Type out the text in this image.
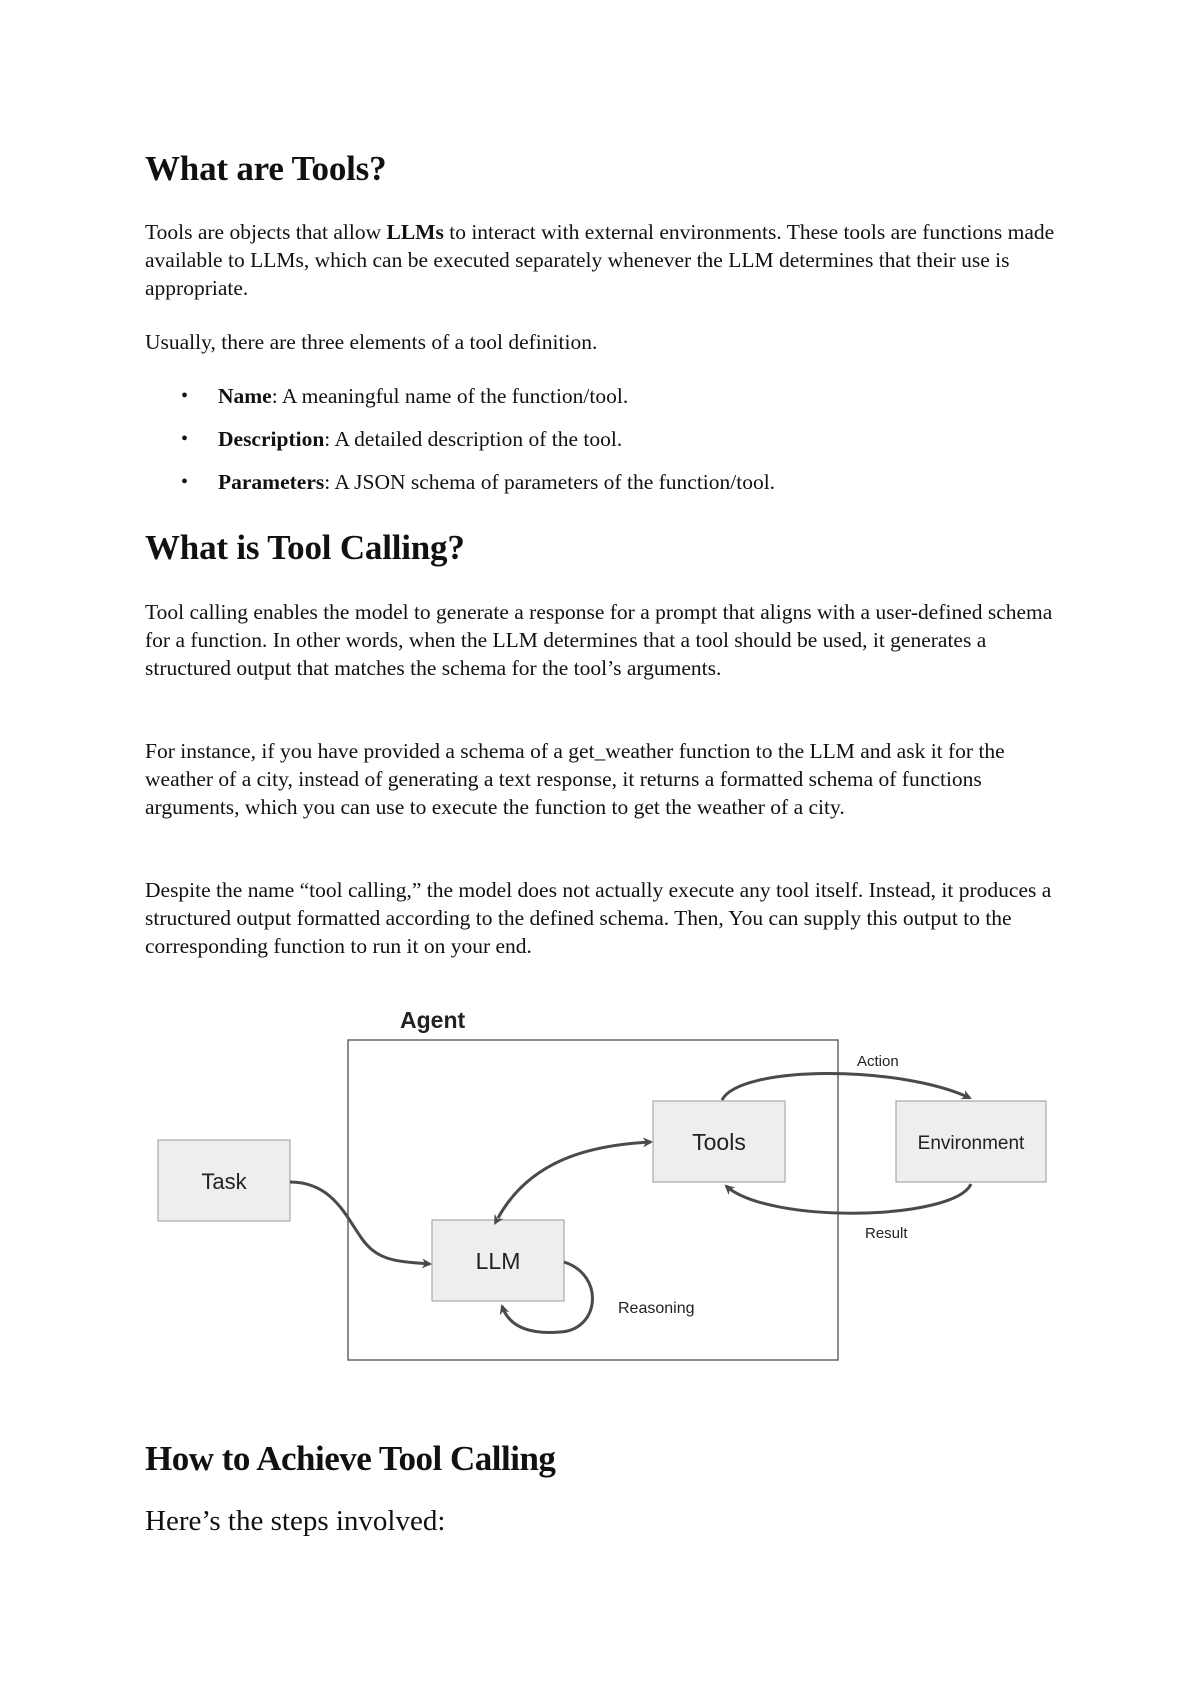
What are Tools?

Tools are objects that allow LLMs to interact with external environments. These tools are functions made available to LLMs, which can be executed separately whenever the LLM determines that their use is appropriate.

Usually, there are three elements of a tool definition.

• Name: A meaningful name of the function/tool.
• Description: A detailed description of the tool.
• Parameters: A JSON schema of parameters of the function/tool.
What is Tool Calling?

Tool calling enables the model to generate a response for a prompt that aligns with a user-defined schema for a function. In other words, when the LLM determines that a tool should be used, it generates a structured output that matches the schema for the tool’s arguments.

For instance, if you have provided a schema of a get_weather function to the LLM and ask it for the weather of a city, instead of generating a text response, it returns a formatted schema of functions arguments, which you can use to execute the function to get the weather of a city.

Despite the name “tool calling,” the model does not actually execute any tool itself. Instead, it produces a structured output formatted according to the defined schema. Then, You can supply this output to the corresponding function to run it on your end.

How to Achieve Tool Calling

Here’s the steps involved:

Agent
Task
LLM
Tools	Environment
Reasoning
Action
Result
